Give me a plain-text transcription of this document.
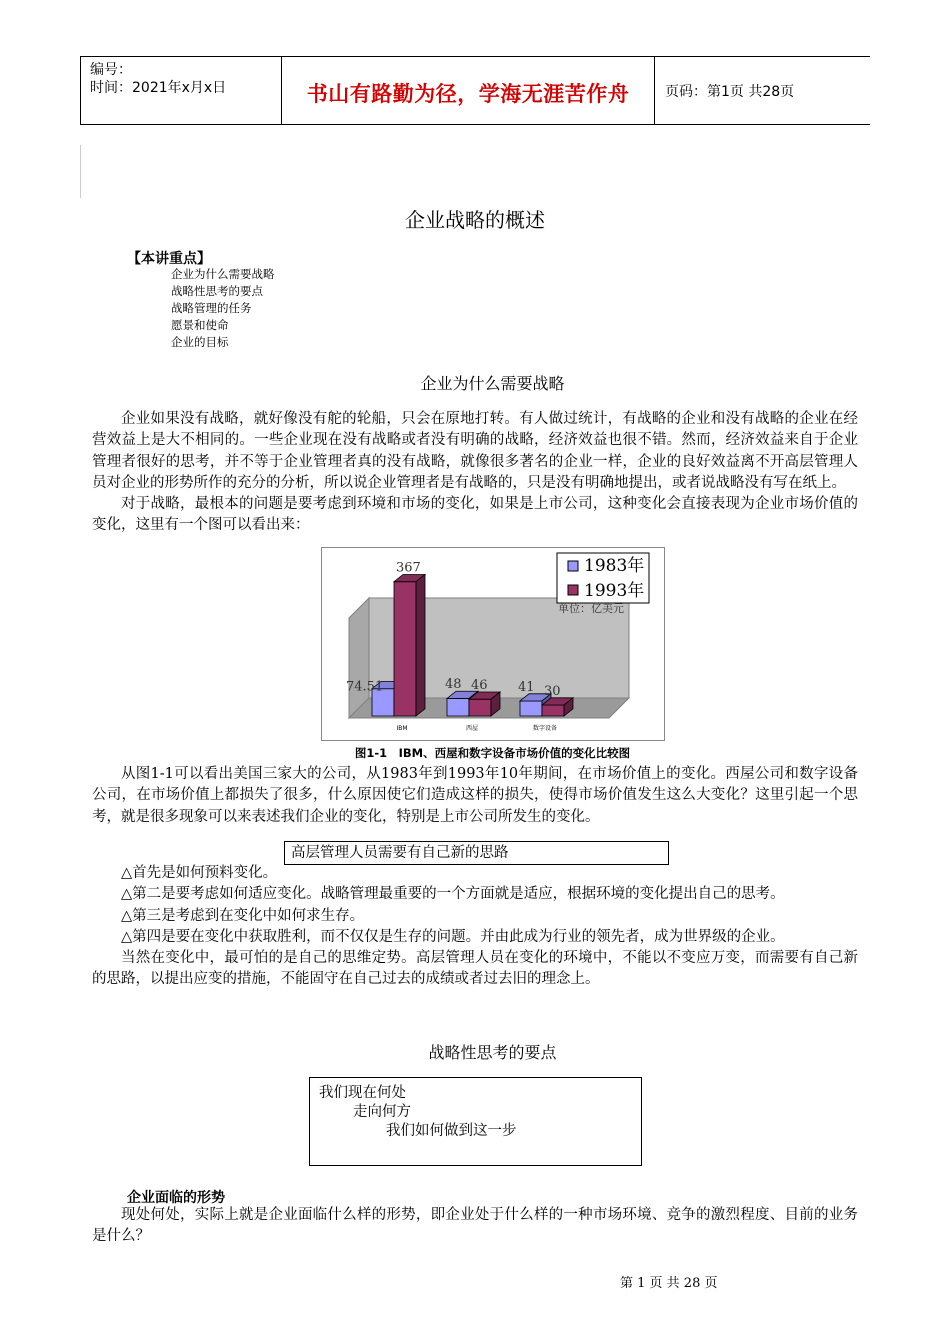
编号：
时间：2021年x月x日	书山有路勤为径，学海无涯苦作舟	页码：第1页 共28页
企业战略的概述
【本讲重点】
企业为什么需要战略
战略性思考的要点
战略管理的任务
愿景和使命
企业的目标
企业为什么需要战略

企业如果没有战略，就好像没有舵的轮船，只会在原地打转。有人做过统计，有战略的企业和没有战略的企业在经营效益上是大不相同的。一些企业现在没有战略或者没有明确的战略，经济效益也很不错。然而，经济效益来自于企业管理者很好的思考，并不等于企业管理者真的没有战略，就像很多著名的企业一样，企业的良好效益离不开高层管理人员对企业的形势所作的充分的分析，所以说企业管理者是有战略的，只是没有明确地提出，或者说战略没有写在纸上。

对于战略，最根本的问题是要考虑到环境和市场的变化，如果是上市公司，这种变化会直接表现为企业市场价值的变化，这里有一个图可以看出来：

IBM	西屋	数字设备
74.51
367
48 46 41 30
1983年
1993年
单位：亿美元
图1-1　IBM、西屋和数字设备市场价值的变化比较图

从图1-1可以看出美国三家大的公司，从1983年到1993年10年期间，在市场价值上的变化。西屋公司和数字设备公司，在市场价值上都损失了很多，什么原因使它们造成这样的损失，使得市场价值发生这么大变化？这里引起一个思考，就是很多现象可以来表述我们企业的变化，特别是上市公司所发生的变化。

高层管理人员需要有自己新的思路

△首先是如何预料变化。

△第二是要考虑如何适应变化。战略管理最重要的一个方面就是适应，根据环境的变化提出自己的思考。

△第三是考虑到在变化中如何求生存。

△第四是要在变化中获取胜利，而不仅仅是生存的问题。并由此成为行业的领先者，成为世界级的企业。

当然在变化中，最可怕的是自己的思维定势。高层管理人员在变化的环境中，不能以不变应万变，而需要有自己新的思路，以提出应变的措施，不能固守在自己过去的成绩或者过去旧的理念上。

战略性思考的要点
我们现在何处
走向何方
我们如何做到这一步
企业面临的形势

现处何处，实际上就是企业面临什么样的形势，即企业处于什么样的一种市场环境、竞争的激烈程度、目前的业务是什么？

第 1 页 共 28 页
